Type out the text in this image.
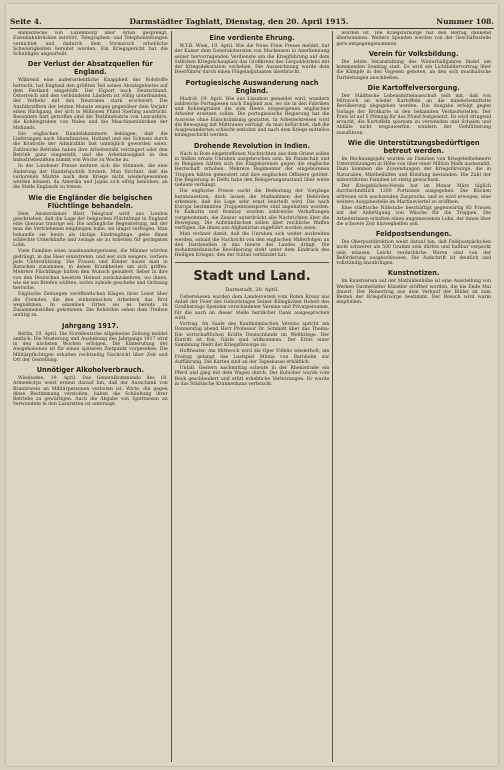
Seite 4.	Darmstädter Tagblatt, Dienstag, den 20. April 1915.	Nummer 108.

Bahnstrecke von Luxemburg über Arlon gesprengt, Eisenbahnbrücken zerstört, Telegraphen- und Telephonleitungen vernichtet und dadurch dem Vormarsch erhebliche Schwierigkeiten bereitet worden. Ein Kriegsgericht hat die Schuldigen abgeurteilt.

Der Verlust der Absatzquellen für England.

Während eine außerordentliche Knappheit der Rohstoffe herrscht, hat England den größten Teil seines Absatzgebietes auf dem Festland eingebüßt. Der Export nach Deutschland, Österreich und den verbündeten Ländern ist völlig unterbunden, der Verkehr mit den Neutralen stark erschwert. Die Ausfuhrziffern der letzten Monate zeigen gegenüber dem Vorjahr einen Rückgang, der sich in Millionen Pfund Sterling ausdrückt. Besonders hart getroffen sind die Textilindustrie von Lancashire, die Kohlengruben von Wales und die Maschinenfabriken der Midlands.

Die englischen Handelskammern beklagen, daß die Lieferungen nach Skandinavien, Holland und der Schweiz durch die Kontrolle der Admiralität fast unmöglich geworden seien. Zahlreiche Betriebe haben ihre Arbeiterzahl verringert oder den Betrieb ganz eingestellt, und die Arbeitslosigkeit in den Industriebezirken nimmt von Woche zu Woche zu.

In der Londoner Presse mehren sich die Stimmen, die eine Änderung der Handelspolitik fordern. Man fürchtet, daß die verlorenen Märkte nach dem Kriege nicht wiedergewonnen werden können, da Amerika und Japan sich eifrig bemühen, an die Stelle Englands zu treten.

Wie die Engländer die belgischen Flüchtlinge behandeln.

Dem Amsterdamer Blatt Telegraaf wird aus London geschrieben, daß die Lage der belgischen Flüchtlinge in England eine überaus traurige sei. Die anfängliche Begeisterung, mit der man die Vertriebenen empfangen habe, sei längst verflogen. Man behandle sie heute als lästige Eindringlinge, gebe ihnen schlechte Unterkünfte und zwinge sie zu Arbeiten für geringsten Lohn.

Viele Familien seien auseinandergerissen, die Männer würden gedrängt, in das Heer einzutreten, und wer sich weigere, verliere jede Unterstützung. Die Frauen und Kinder hause man in Baracken zusammen, in denen Krankheiten um sich griffen. Mehrere Flüchtlinge hätten den Wunsch geäußert, lieber in ihre von den Deutschen besetzte Heimat zurückzukehren, wo ihnen, wie sie aus Briefen wüßten, nichts zuleide geschehe und Ordnung herrsche.

Englische Zeitungen veröffentlichen Klagen ihrer Leser über die Fremden, die den einheimischen Arbeitern das Brot wegnähmen. In einzelnen Orten sei es bereits zu Zusammenstößen gekommen. Die Behörden sehen dem Treiben untätig zu.

Jahrgang 1917.

Berlin, 19. April. Die Norddeutsche Allgemeine Zeitung meldet amtlich: Die Musterung und Aushebung des Jahrgangs 1917 wird in den nächsten Wochen erfolgen. Die Einberufung der Ausgehobenen ist für einen späteren Zeitpunkt vorgesehen. Die Militärpflichtigen erhalten rechtzeitig Nachricht über Zeit und Ort der Gestellung.

Unnötiger Alkoholverbrauch.

Wiesbaden, 19. April. Das Generalkommando des 18. Armeekorps weist erneut darauf hin, daß der Ausschank von Branntwein an Militärpersonen verboten ist. Wirte, die gegen diese Bestimmung verstoßen, haben die Schließung ihrer Betriebe zu gewärtigen. Auch die Abgabe von Spirituosen an Verwundete in den Lazaretten ist untersagt.

Eine verdiente Ehrung.

W.T.B. Wien, 19. April. Wie die Neue Freie Presse meldet, hat der Kaiser dem Generalobersten von Mackensen in Anerkennung seiner hervorragenden Verdienste um die Kriegführung auf dem östlichen Kriegsschauplatz das Großkreuz des Leopoldordens mit der Kriegsdekoration verliehen. Die Auszeichnung wurde dem Heerführer durch einen Flügeladjutanten überbracht.

Portugiesische Auswanderung nach England.

Madrid, 19. April. Wie aus Lissabon gemeldet wird, wandern zahlreiche Portugiesen nach England aus, wo sie in den Fabriken und Kohlengruben die zum Heere eingezogenen englischen Arbeiter ersetzen sollen. Die portugiesische Regierung hat die Ausreise ohne Einschränkung gestattet. In Arbeiterkreisen wird die Bewegung mit Mißtrauen verfolgt, da man befürchtet, daß die Ausgewanderten schlecht entlohnt und nach dem Kriege mittellos heimgeschickt werden.

Drohende Revolution in Indien.

Nach in Rom eingetroffenen Nachrichten aus dem Orient sollen in Indien ernste Unruhen ausgebrochen sein. Im Pandschab und in Bengalen hätten sich die Eingeborenen gegen die englische Herrschaft erhoben. Mehrere Regimenter der eingeborenen Truppen hätten gemeutert und ihre englischen Offiziere getötet. Die Regierung in Delhi habe den Belagerungszustand über weite Gebiete verhängt.

Die englische Presse sucht die Bedeutung der Vorgänge herabzusetzen, doch lassen die Maßnahmen der Behörden erkennen, daß die Lage sehr ernst beurteilt wird. Die nach Europa bestimmten Truppentransporte sind angehalten worden. In Kalkutta und Bombay wurden zahlreiche Verhaftungen vorgenommen, die Zensur unterdrückt alle Nachrichten über die Bewegung. Die Aufständischen sollen über reichliche Waffen verfügen, die ihnen aus Afghanistan zugeführt worden seien.

Man rechnet damit, daß die Unruhen sich weiter ausbreiten werden, sobald die Nachricht von den englischen Mißerfolgen an den Dardanellen in das Innere des Landes dringt. Die mohammedanische Bevölkerung steht unter dem Eindruck des Heiligen Krieges, den der Sultan verkündet hat.

Stadt und Land.
Darmstadt, 20. April.

Ueberwiesen wurden dem Landesverein vom Roten Kreuz aus Anlaß der Feier des Geburtstages Seiner Königlichen Hoheit des Großherzogs Spenden verschiedener Vereine und Privatpersonen, für die auch an dieser Stelle herzlicher Dank ausgesprochen wird.

Vortrag. Im Saale des Kaufmännischen Vereins spricht am Donnerstag abend Herr Professor Dr. Schmidt über das Thema: Die wirtschaftlichen Kräfte Deutschlands im Weltkriege. Der Eintritt ist frei, Gäste sind willkommen. Der Erlös einer Sammlung fließt der Kriegsfürsorge zu.

Hoftheater. Am Mittwoch wird die Oper Fidelio wiederholt, am Freitag gelangt das Lustspiel Minna von Barnhelm zur Aufführung. Die Karten sind an der Tageskasse erhältlich.

Unfall. Gestern nachmittag scheute in der Rheinstraße ein Pferd und ging mit dem Wagen durch. Der Kutscher wurde vom Bock geschleudert und erlitt erhebliche Verletzungen. Er wurde in das Städtische Krankenhaus verbracht.

worden ist. Die Kriegsfürsorge hat den Betrag dankend übernommen. Weitere Spenden werden von der Geschäftsstelle gern entgegengenommen.

Verein für Volksbildung.

Die letzte Veranstaltung des Winterhalbjahres findet am kommenden Sonntag statt. Es wird ein Lichtbildervortrag über die Kämpfe in den Vogesen geboten, an den sich musikalische Darbietungen anschließen.

Die Kartoffelversorgung.

Der Städtische Lebensmittelausschuß teilt mit, daß von Mittwoch an wieder Kartoffeln an die minderbemittelte Bevölkerung abgegeben werden. Die Ausgabe erfolgt gegen Vorlage der Brotkarte in den bekannten Verkaufsstellen. Der Preis ist auf 5 Pfennig für das Pfund festgesetzt. Es wird dringend ersucht, die Kartoffeln sparsam zu verwenden und Schalen und Abfälle nicht wegzuwerfen, sondern der Viehfütterung zuzuführen.

Wie die Unterstützungsbedürftigen betreut werden.

Im Rechnungsjahr wurden an Familien von Kriegsteilnehmern Unterstützungen in Höhe von über einer Million Mark ausbezahlt. Dazu kommen die Zuwendungen der Kriegsfürsorge, die in Naturalien, Mietbeihilfen und Kleidung bestanden. Die Zahl der unterstützten Familien ist stetig gewachsen.

Der Kriegsküchen-Verein hat im Monat März täglich durchschnittlich 1200 Portionen ausgegeben. Die Küchen erfreuen sich wachsenden Zuspruchs, und es wird erwogen, eine weitere Ausgabestelle im Martinsviertel zu eröffnen.

Eine städtische Nähstube beschäftigt gegenwärtig 85 Frauen mit der Anfertigung von Wäsche für die Truppen. Die Arbeiterinnen erhalten einen angemessenen Lohn, der ihnen über die schwere Zeit hinweghelfen soll.

Feldpostsendungen.

Die Oberpostdirektion weist darauf hin, daß Feldpostpäckchen nicht schwerer als 500 Gramm sein dürfen und haltbar verpackt sein müssen. Leicht verderbliche Waren sind von der Beförderung ausgeschlossen. Die Aufschrift ist deutlich und vollständig anzubringen.

Kunstnotizen.

Im Kunstverein auf der Mathildenhöhe ist eine Ausstellung von Werken Darmstädter Künstler eröffnet worden, die bis Ende Mai dauert. Der Reinertrag aus dem Verkauf der Bilder ist zum Besten der Kriegsfürsorge bestimmt. Der Besuch wird warm empfohlen.
